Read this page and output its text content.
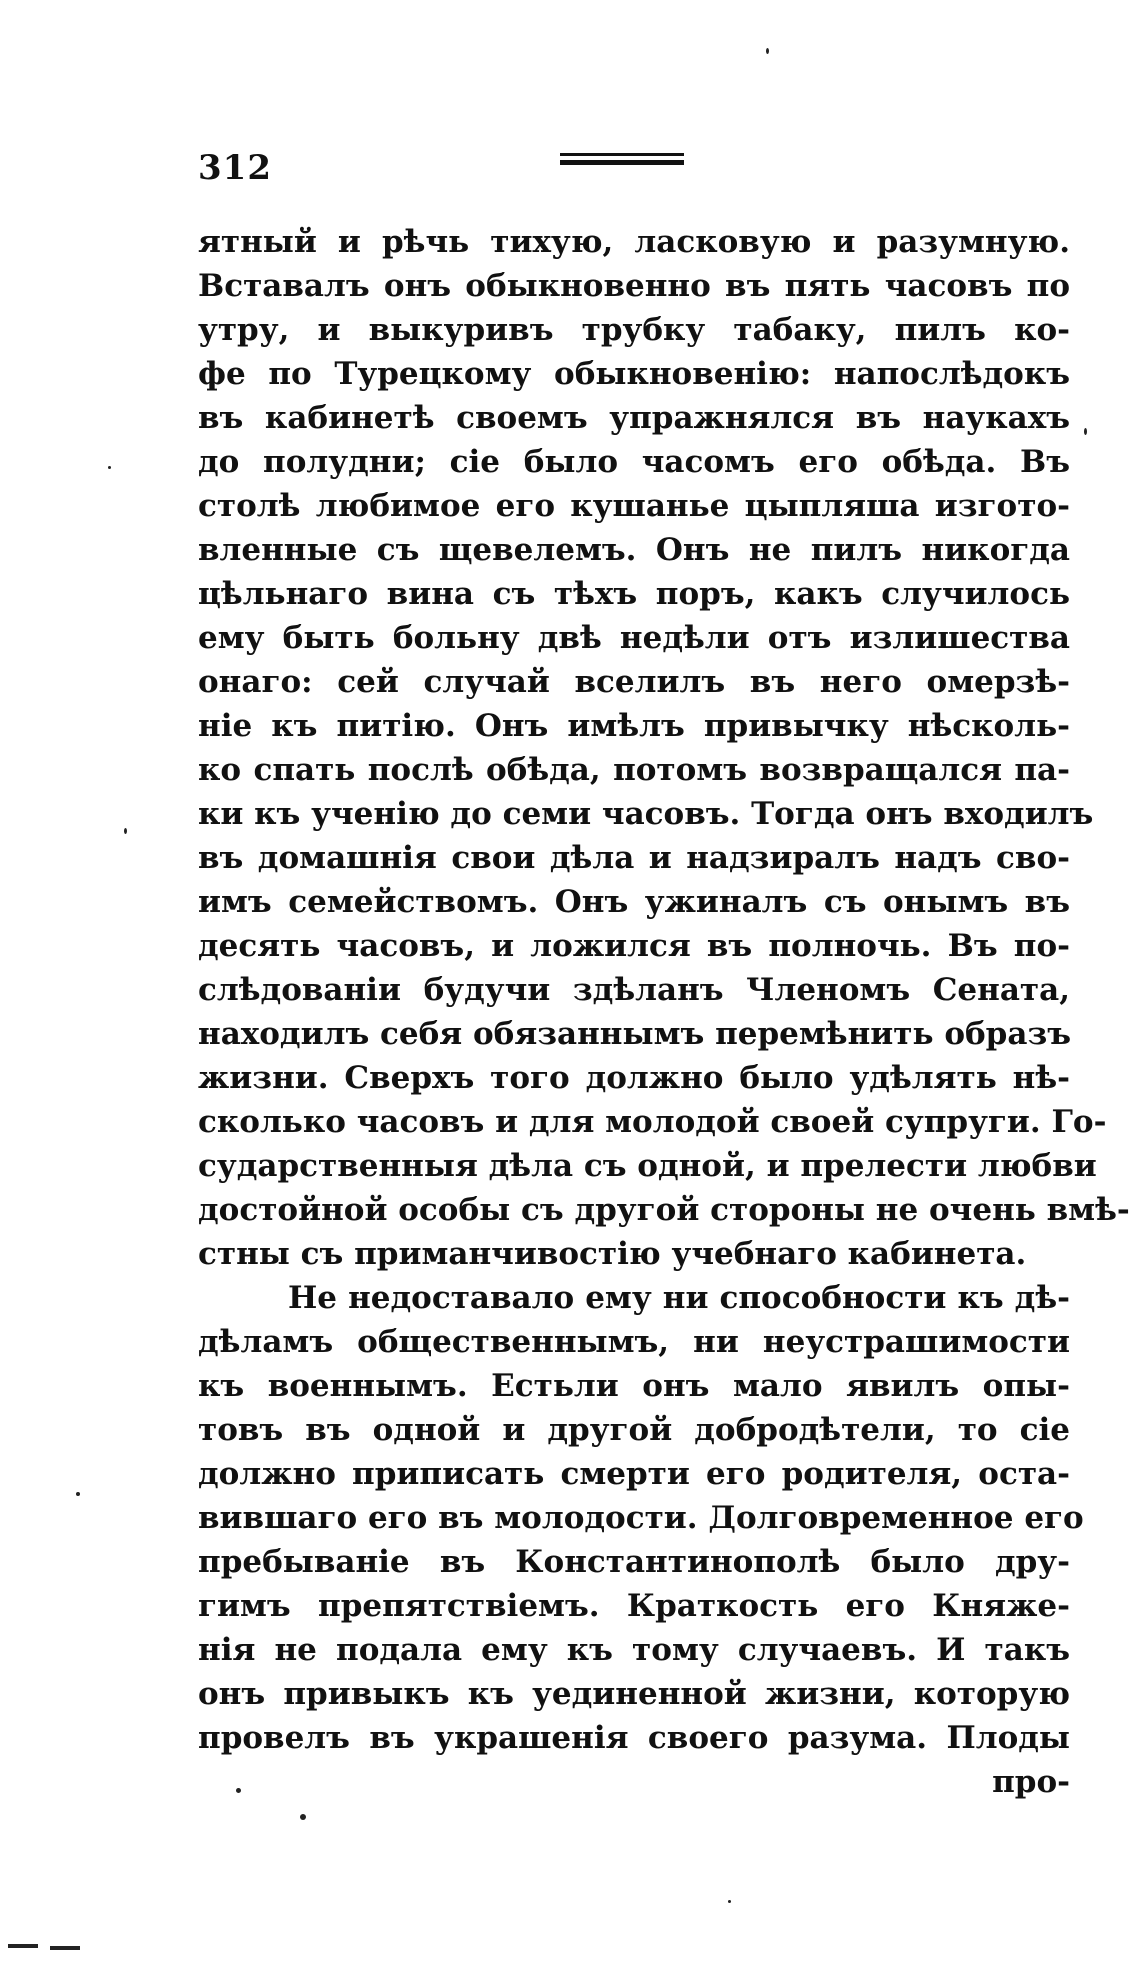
312
ятный и рѣчь тихую, ласковую и разумную.
Вставалъ онъ обыкновенно въ пять часовъ по
утру, и выкуривъ трубку табаку, пилъ ко-
фе по Турецкому обыкновенію: напослѣдокъ
въ кабинетѣ своемъ упражнялся въ наукахъ
до полудни; сіе было часомъ его обѣда. Въ
столѣ любимое его кушанье цыпляша изгото-
вленные съ щевелемъ. Онъ не пилъ никогда
цѣльнаго вина съ тѣхъ поръ, какъ случилось
ему быть больну двѣ недѣли отъ излишества
онаго: сей случай вселилъ въ него омерзѣ-
ніе къ питію. Онъ имѣлъ привычку нѣсколь-
ко спать послѣ обѣда, потомъ возвращался па-
ки къ ученію до семи часовъ. Тогда онъ входилъ
въ домашнія свои дѣла и надзиралъ надъ сво-
имъ семействомъ. Онъ ужиналъ съ онымъ въ
десять часовъ, и ложился въ полночь. Въ по-
слѣдованіи будучи здѣланъ Членомъ Сената,
находилъ себя обязаннымъ перемѣнить образъ
жизни. Сверхъ того должно было удѣлять нѣ-
сколько часовъ и для молодой своей супруги. Го-
сударственныя дѣла съ одной, и прелести любви
достойной особы съ другой стороны не очень вмѣ-
стны съ приманчивостію учебнаго кабинета.
Не недоставало ему ни способности къ дѣ-
дѣламъ общественнымъ, ни неустрашимости
къ военнымъ. Естьли онъ мало явилъ опы-
товъ въ одной и другой добродѣтели, то сіе
должно приписать смерти его родителя, оста-
вившаго его въ молодости. Долговременное его
пребываніе въ Константинополѣ было дру-
гимъ препятствіемъ. Краткость его Княже-
нія не подала ему къ тому случаевъ. И такъ
онъ привыкъ къ уединенной жизни, которую
провелъ въ украшенія своего разума. Плоды
про-
